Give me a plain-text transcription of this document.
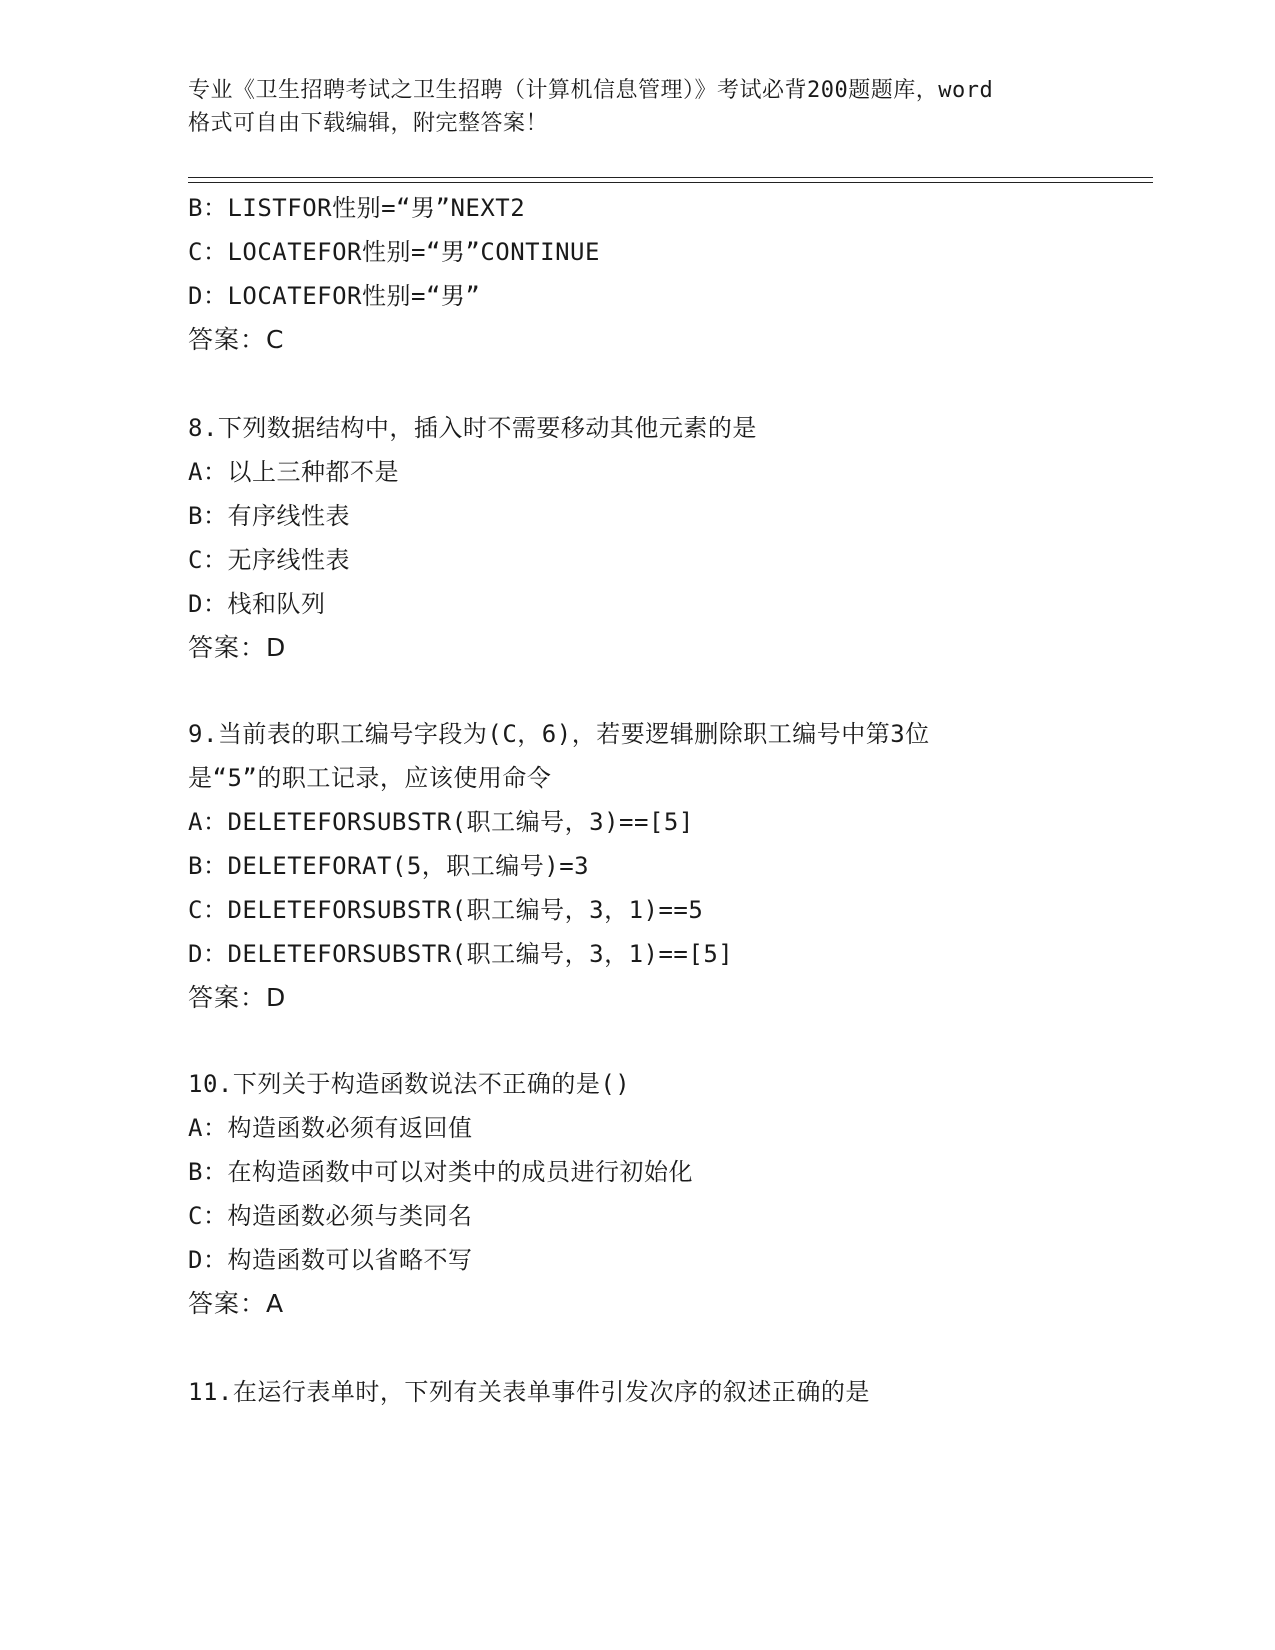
专业《卫生招聘考试之卫生招聘（计算机信息管理）》考试必背200题题库，word
格式可自由下载编辑，附完整答案！
B：LISTFOR性别=“男”NEXT2
C：LOCATEFOR性别=“男”CONTINUE
D：LOCATEFOR性别=“男”
答案：C
8.下列数据结构中，插入时不需要移动其他元素的是
A：以上三种都不是
B：有序线性表
C：无序线性表
D：栈和队列
答案：D
9.当前表的职工编号字段为(C，6)，若要逻辑删除职工编号中第3位
是“5”的职工记录，应该使用命令
A：DELETEFORSUBSTR(职工编号，3)==[5]
B：DELETEFORAT(5，职工编号)=3
C：DELETEFORSUBSTR(职工编号，3，1)==5
D：DELETEFORSUBSTR(职工编号，3，1)==[5]
答案：D
10.下列关于构造函数说法不正确的是()
A：构造函数必须有返回值
B：在构造函数中可以对类中的成员进行初始化
C：构造函数必须与类同名
D：构造函数可以省略不写
答案：A
11.在运行表单时，下列有关表单事件引发次序的叙述正确的是
